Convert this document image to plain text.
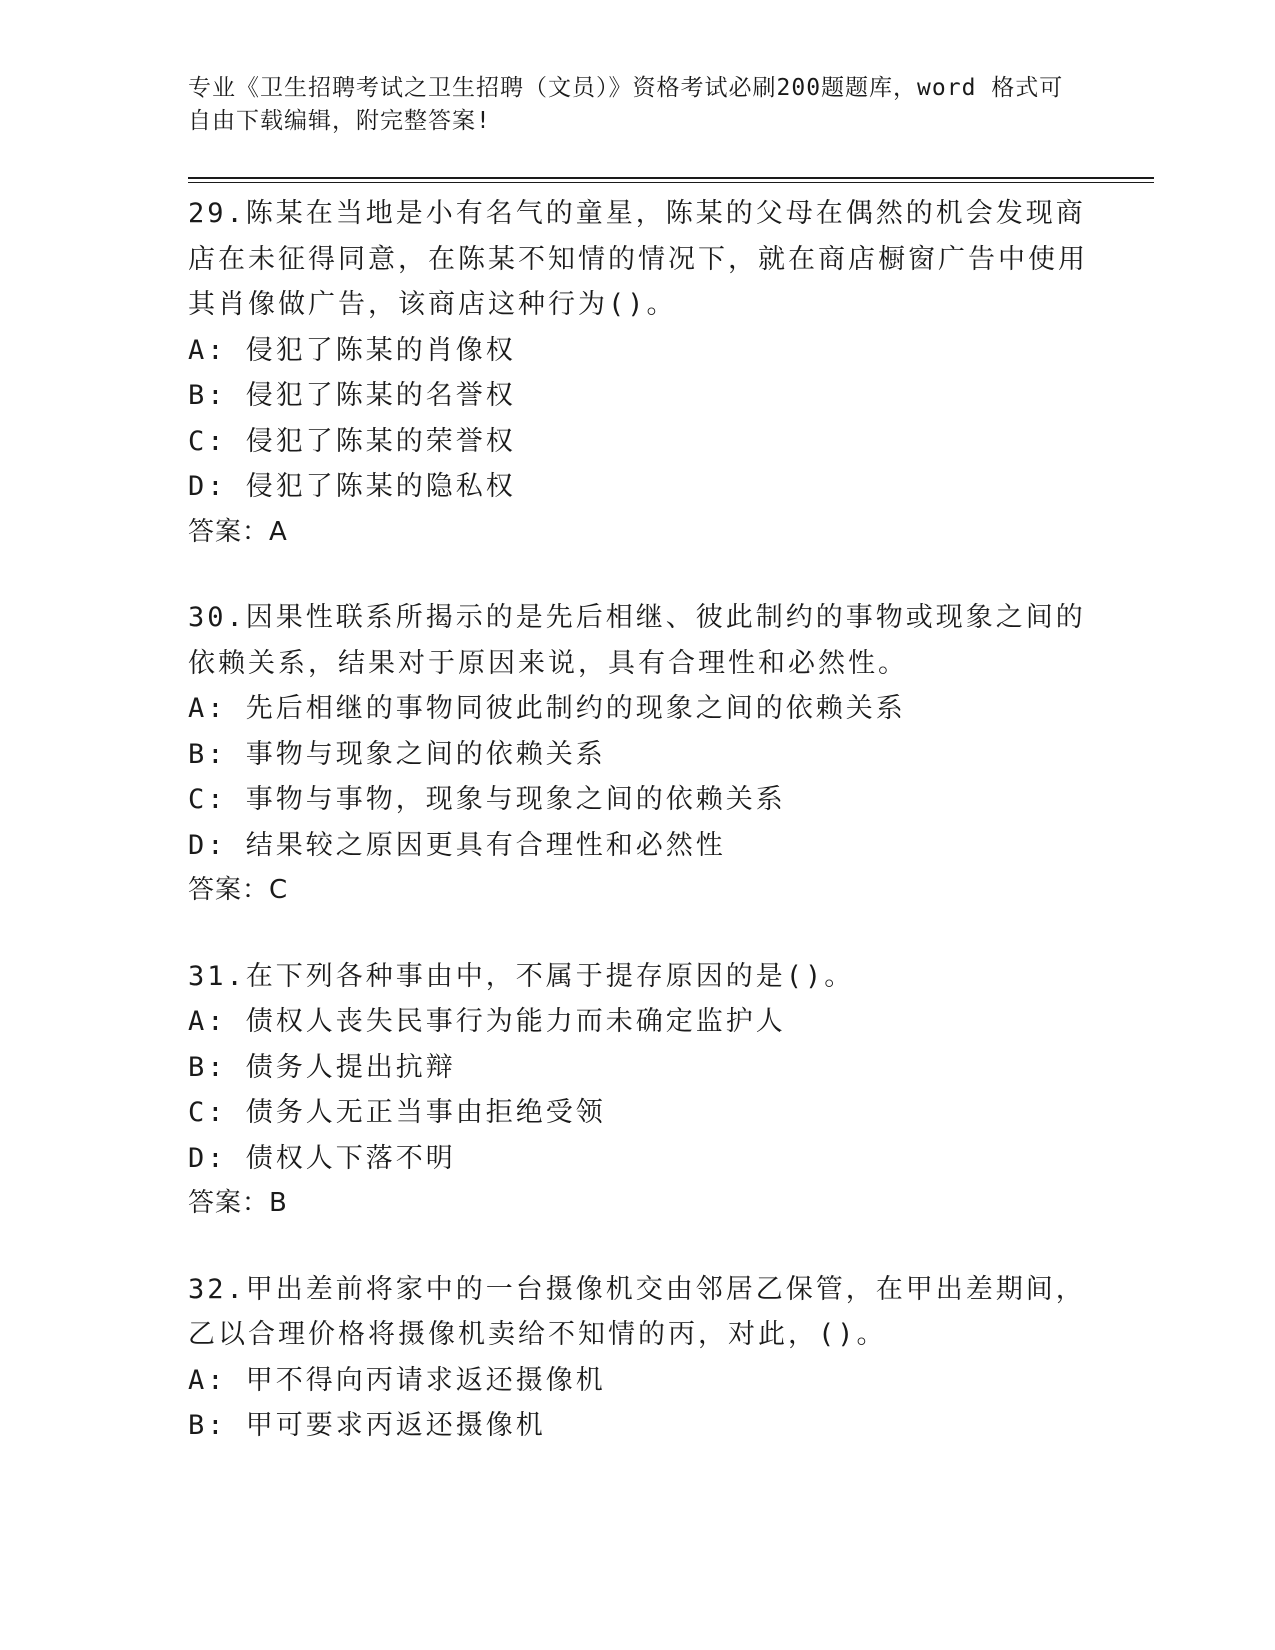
专业《卫生招聘考试之卫生招聘（文员）》资格考试必刷200题题库，word 格式可自由下载编辑，附完整答案!
29.陈某在当地是小有名气的童星，陈某的父母在偶然的机会发现商店在未征得同意，在陈某不知情的情况下，就在商店橱窗广告中使用其肖像做广告，该商店这种行为()。
A: 侵犯了陈某的肖像权
B: 侵犯了陈某的名誉权
C: 侵犯了陈某的荣誉权
D: 侵犯了陈某的隐私权
答案：A
30.因果性联系所揭示的是先后相继、彼此制约的事物或现象之间的依赖关系，结果对于原因来说，具有合理性和必然性。
A: 先后相继的事物同彼此制约的现象之间的依赖关系
B: 事物与现象之间的依赖关系
C: 事物与事物，现象与现象之间的依赖关系
D: 结果较之原因更具有合理性和必然性
答案：C
31.在下列各种事由中，不属于提存原因的是()。
A: 债权人丧失民事行为能力而未确定监护人
B: 债务人提出抗辩
C: 债务人无正当事由拒绝受领
D: 债权人下落不明
答案：B
32.甲出差前将家中的一台摄像机交由邻居乙保管，在甲出差期间，乙以合理价格将摄像机卖给不知情的丙，对此，()。
A: 甲不得向丙请求返还摄像机
B: 甲可要求丙返还摄像机
